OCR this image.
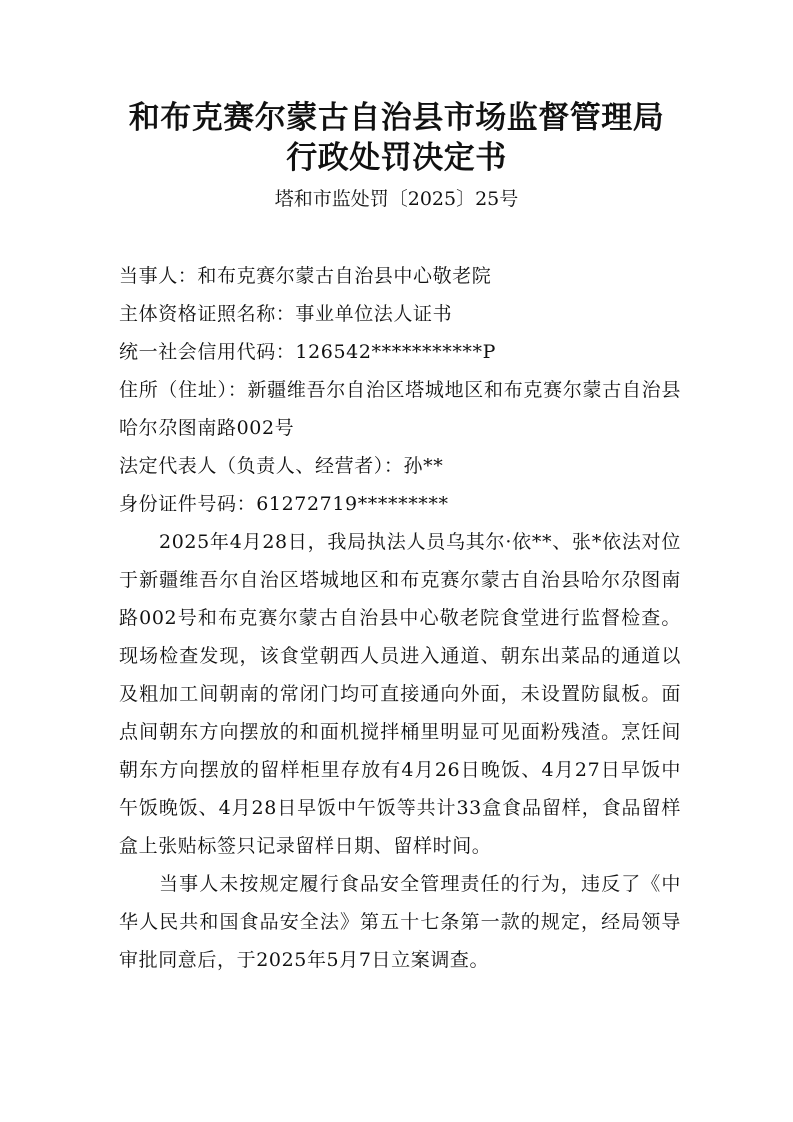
和布克赛尔蒙古自治县市场监督管理局
行政处罚决定书
塔和市监处罚〔2025〕25号

当事人：和布克赛尔蒙古自治县中心敬老院

主体资格证照名称：事业单位法人证书

统一社会信用代码：126542***********P

住所（住址）：新疆维吾尔自治区塔城地区和布克赛尔蒙古自治县哈尔尕图南路002号

法定代表人（负责人、经营者）：孙**

身份证件号码：61272719*********

2025年4月28日，我局执法人员乌其尔·依**、张*依法对位于新疆维吾尔自治区塔城地区和布克赛尔蒙古自治县哈尔尕图南路002号和布克赛尔蒙古自治县中心敬老院食堂进行监督检查。现场检查发现，该食堂朝西人员进入通道、朝东出菜品的通道以及粗加工间朝南的常闭门均可直接通向外面，未设置防鼠板。面点间朝东方向摆放的和面机搅拌桶里明显可见面粉残渣。烹饪间朝东方向摆放的留样柜里存放有4月26日晚饭、4月27日早饭中午饭晚饭、4月28日早饭中午饭等共计33盒食品留样，食品留样盒上张贴标签只记录留样日期、留样时间。

当事人未按规定履行食品安全管理责任的行为，违反了《中华人民共和国食品安全法》第五十七条第一款的规定，经局领导审批同意后，于2025年5月7日立案调查。
